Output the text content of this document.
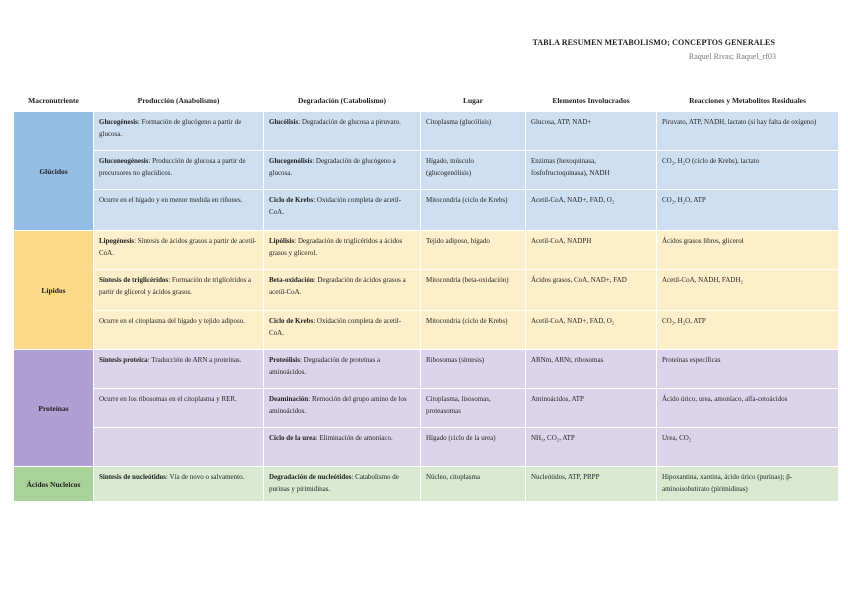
TABLA RESUMEN METABOLISMO; CONCEPTOS GENERALES
Raquel Rivas; Raquel_rf03
Macronutriente	Producción (Anabolismo)	Degradación (Catabolismo)	Lugar	Elementos Involucrados	Reacciones y Metabolitos Residuales
Glúcidos	Glucogénesis: Formación de glucógeno a partir de glucosa.	Glucólisis: Degradación de glucosa a piruvato.	Citoplasma (glucólisis)	Glucosa, ATP, NAD+	Piruvato, ATP, NADH, lactato (si hay falta de oxígeno)
	Gluconeogénesis: Producción de glucosa a partir de precursores no glucídicos.	Glucogenólisis: Degradación de glucógeno a glucosa.	Hígado, músculo (glucogenólisis)	Enzimas (hexoquinasa, fosfofructoquinasa), NADH	CO₂, H₂O (ciclo de Krebs), lactato
	Ocurre en el hígado y en menor medida en riñones.	Ciclo de Krebs: Oxidación completa de acetil-CoA.	Mitocondria (ciclo de Krebs)	Acetil-CoA, NAD+, FAD, O₂	CO₂, H₂O, ATP
Lípidos	Lipogénesis: Síntesis de ácidos grasos a partir de acetil-CoA.	Lipólisis: Degradación de triglicéridos a ácidos grasos y glicerol.	Tejido adiposo, hígado	Acetil-CoA, NADPH	Ácidos grasos libres, glicerol
	Síntesis de triglicéridos: Formación de triglicéridos a partir de glicerol y ácidos grasos.	Beta-oxidación: Degradación de ácidos grasos a acetil-CoA.	Mitocondria (beta-oxidación)	Ácidos grasos, CoA, NAD+, FAD	Acetil-CoA, NADH, FADH₂
	Ocurre en el citoplasma del hígado y tejido adiposo.	Ciclo de Krebs: Oxidación completa de acetil-CoA.	Mitocondria (ciclo de Krebs)	Acetil-CoA, NAD+, FAD, O₂	CO₂, H₂O, ATP
Proteínas	Síntesis proteica: Traducción de ARN a proteínas.	Proteólisis: Degradación de proteínas a aminoácidos.	Ribosomas (síntesis)	ARNm, ARNt, ribosomas	Proteínas específicas
	Ocurre en los ribosomas en el citoplasma y RER.	Deaminación: Remoción del grupo amino de los aminoácidos.	Citoplasma, lisosomas, proteasomas	Aminoácidos, ATP	Ácido úrico, urea, amoníaco, alfa-cetoácidos
		Ciclo de la urea: Eliminación de amoníaco.	Hígado (ciclo de la urea)	NH₃, CO₂, ATP	Urea, CO₂
Ácidos Nucleicos	Síntesis de nucleótidos: Vía de novo o salvamento.	Degradación de nucleótidos: Catabolismo de purinas y pirimidinas.	Núcleo, citoplasma	Nucleótidos, ATP, PRPP	Hipoxantina, xantina, ácido úrico (purinas); β-aminoisobutirato (pirimidinas)
